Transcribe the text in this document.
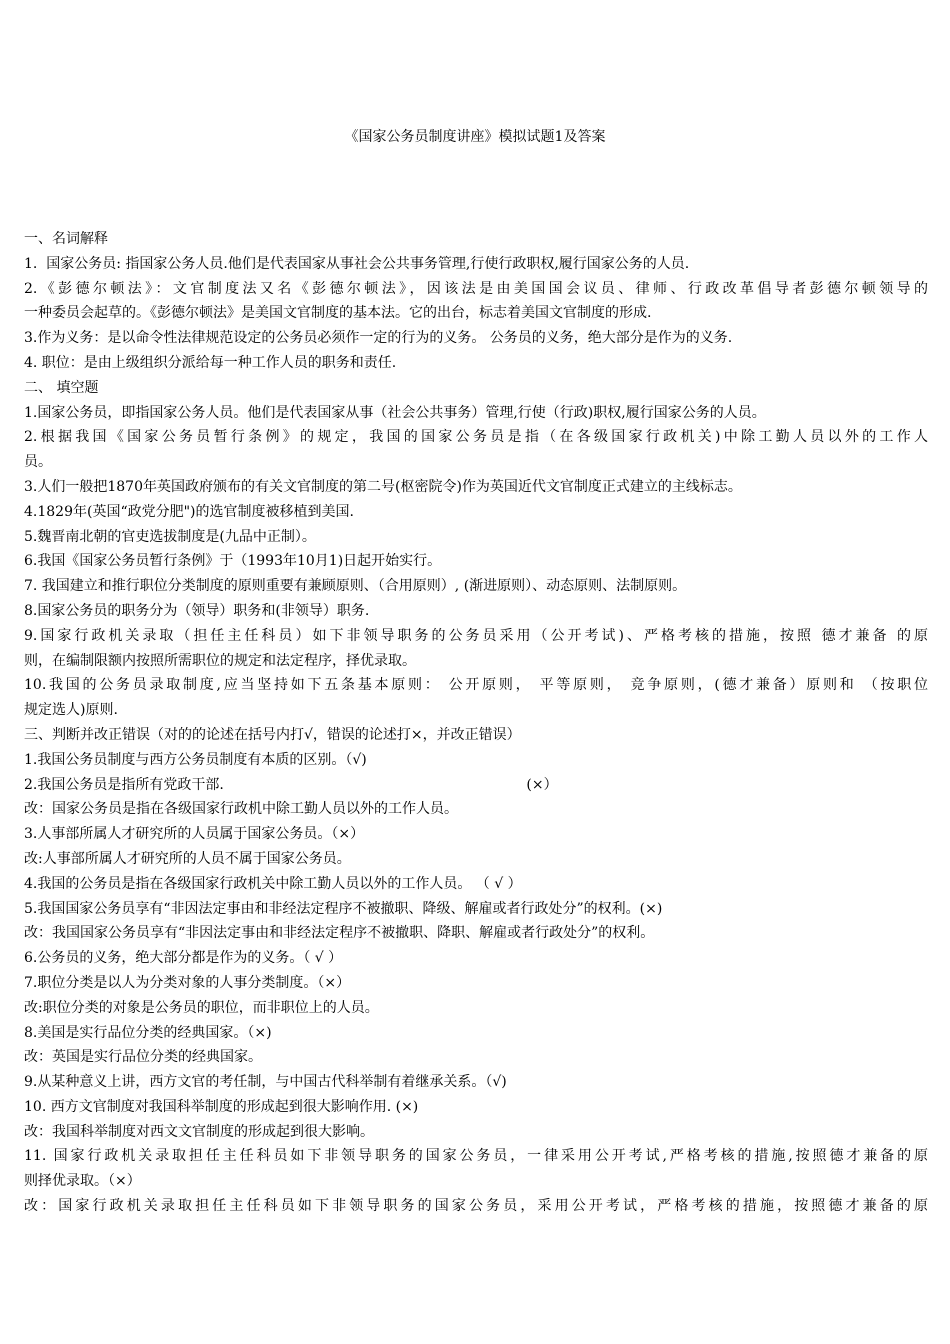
《国家公务员制度讲座》模拟试题1及答案
一、名词解释
1.  国家公务员: 指国家公务人员.他们是代表国家从事社会公共事务管理,行使行政职权,履行国家公务的人员.
2.《彭德尔顿法》：文官制度法又名《彭德尔顿法》，因该法是由美国国会议员、律师、行政改革倡导者彭德尔顿领导的
一种委员会起草的。《彭德尔顿法》是美国文官制度的基本法。它的出台，标志着美国文官制度的形成.
3.作为义务：是以命令性法律规范设定的公务员必须作一定的行为的义务。 公务员的义务，绝大部分是作为的义务.
4. 职位：是由上级组织分派给每一种工作人员的职务和责任.
二、 填空题
1.国家公务员，即指国家公务人员。他们是代表国家从事（社会公共事务）管理,行使（行政)职权,履行国家公务的人员。
2.根据我国《国家公务员暂行条例》的规定，我国的国家公务员是指（在各级国家行政机关)中除工勤人员以外的工作人
员。
3.人们一般把1870年英国政府颁布的有关文官制度的第二号(枢密院令)作为英国近代文官制度正式建立的主线标志。
4.1829年(英国“政党分肥")的选官制度被移植到美国.
5.魏晋南北朝的官吏选拔制度是(九品中正制）。
6.我国《国家公务员暂行条例》于（1993年10月1)日起开始实行。
7. 我国建立和推行职位分类制度的原则重要有兼顾原则、（合用原则）, (渐进原则）、动态原则、法制原则。
8.国家公务员的职务分为（领导）职务和(非领导）职务.
9.国家行政机关录取（担任主任科员）如下非领导职务的公务员采用（公开考试)、严格考核的措施，按照 德才兼备 的原
则，在编制限额内按照所需职位的规定和法定程序，择优录取。
10.我国的公务员录取制度,应当坚持如下五条基本原则： 公开原则， 平等原则， 竞争原则，(德才兼备）原则和 （按职位
规定选人)原则.
三、判断并改正错误（对的的论述在括号内打√，错误的论述打×，并改正错误）
1.我国公务员制度与西方公务员制度有本质的区别。（√)
2.我国公务员是指所有党政干部.                                                                    (×）
改：国家公务员是指在各级国家行政机中除工勤人员以外的工作人员。
3.人事部所属人才研究所的人员属于国家公务员。（×）
改:人事部所属人才研究所的人员不属于国家公务员。
4.我国的公务员是指在各级国家行政机关中除工勤人员以外的工作人员。 （ √ ）
5.我国国家公务员享有“非因法定事由和非经法定程序不被撤职、降级、解雇或者行政处分”的权利。(×)
改：我国国家公务员享有“非因法定事由和非经法定程序不被撤职、降职、解雇或者行政处分”的权利。
6.公务员的义务，绝大部分都是作为的义务。（ √ ）
7.职位分类是以人为分类对象的人事分类制度。（×）
改:职位分类的对象是公务员的职位，而非职位上的人员。
8.美国是实行品位分类的经典国家。（×)
改：英国是实行品位分类的经典国家。
9.从某种意义上讲，西方文官的考任制，与中国古代科举制有着继承关系。（√)
10. 西方文官制度对我国科举制度的形成起到很大影响作用. (×)
改：我国科举制度对西文文官制度的形成起到很大影响。
11. 国家行政机关录取担任主任科员如下非领导职务的国家公务员，一律采用公开考试,严格考核的措施,按照德才兼备的原
则择优录取。（×）
改：国家行政机关录取担任主任科员如下非领导职务的国家公务员，采用公开考试，严格考核的措施，按照德才兼备的原
